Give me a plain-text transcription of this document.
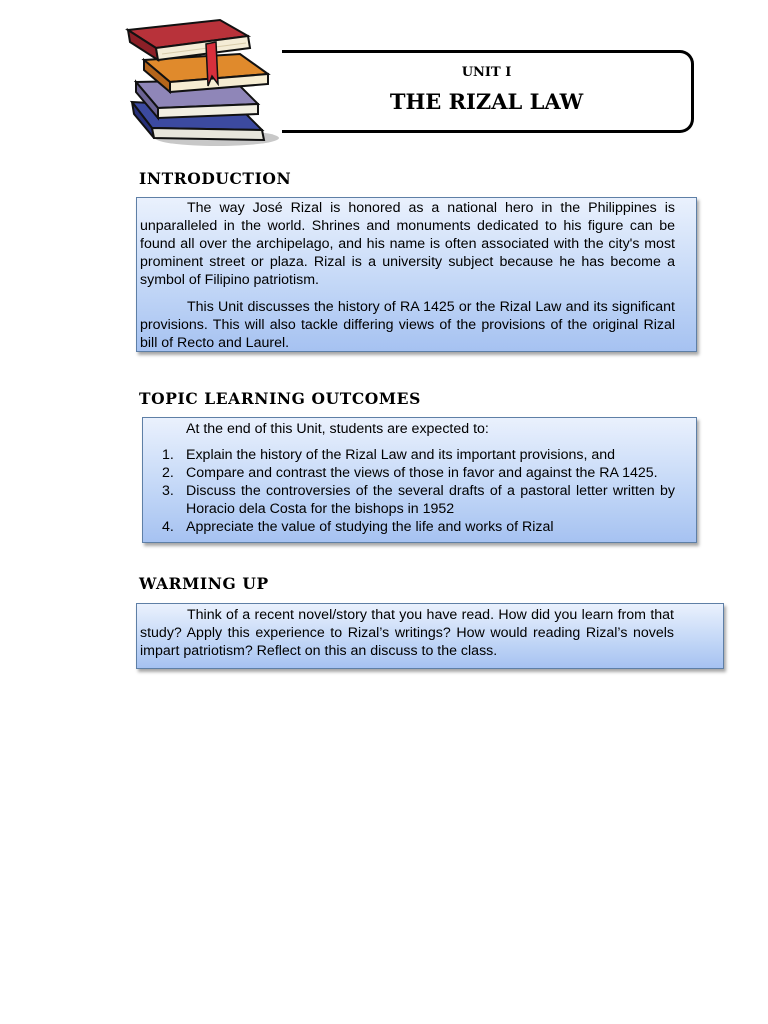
UNIT I
THE RIZAL LAW
INTRODUCTION

The way José Rizal is honored as a national hero in the Philippines is unparalleled in the world. Shrines and monuments dedicated to his figure can be found all over the archipelago, and his name is often associated with the city's most prominent street or plaza. Rizal is a university subject because he has become a symbol of Filipino patriotism.

This Unit discusses the history of RA 1425 or the Rizal Law and its significant provisions. This will also tackle differing views of the provisions of the original Rizal bill of Recto and Laurel.

TOPIC LEARNING OUTCOMES

At the end of this Unit, students are expected to:

1. Explain the history of the Rizal Law and its important provisions, and
2. Compare and contrast the views of those in favor and against the RA 1425.
3. Discuss the controversies of the several drafts of a pastoral letter written by Horacio dela Costa for the bishops in 1952
4. Appreciate the value of studying the life and works of Rizal
WARMING UP

Think of a recent novel/story that you have read. How did you learn from that study? Apply this experience to Rizal’s writings? How would reading Rizal’s novels impart patriotism? Reflect on this an discuss to the class.
